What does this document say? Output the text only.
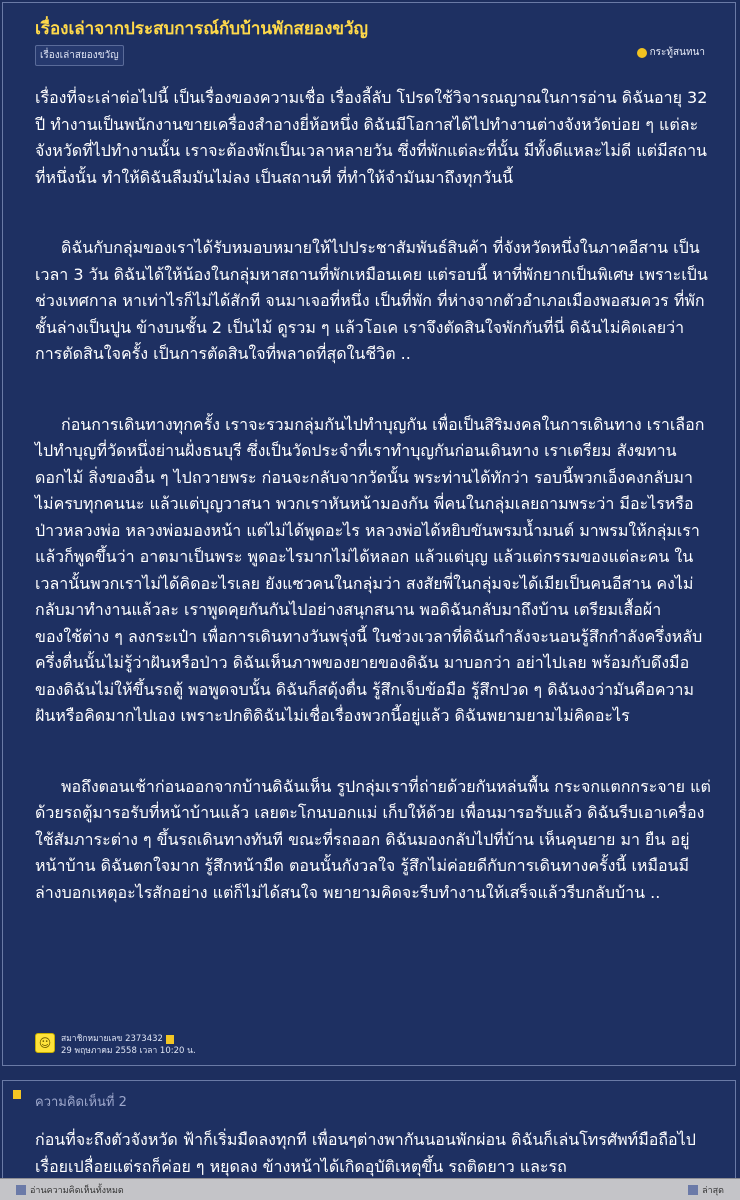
เรื่องเล่าจากประสบการณ์กับบ้านพักสยองขวัญ
เรื่องเล่าสยองขวัญ	กระทู้สนทนา

เรื่องที่จะเล่าต่อไปนี้ เป็นเรื่องของความเชื่อ เรื่องลี้ลับ โปรดใช้วิจารณญาณในการอ่าน ดิฉันอายุ 32 ปี ทำงานเป็นพนักงานขายเครื่องสำอางยี่ห้อหนึ่ง ดิฉันมีโอกาสได้ไปทำงานต่างจังหวัดบ่อย ๆ แต่ละจังหวัดที่ไปทำงานนั้น เราจะต้องพักเป็นเวลาหลายวัน ซึ่งที่พักแต่ละที่นั้น มีทั้งดีแหละไม่ดี แต่มีสถานที่หนึ่งนั้น ทำให้ดิฉันลืมมันไม่ลง เป็นสถานที่ ที่ทำให้จำมันมาถึงทุกวันนี้

ดิฉันกับกลุ่มของเราได้รับหมอบหมายให้ไปประชาสัมพันธ์สินค้า ที่จังหวัดหนึ่งในภาคอีสาน เป็นเวลา 3 วัน ดิฉันได้ให้น้องในกลุ่มหาสถานที่พักเหมือนเคย แต่รอบนี้ หาที่พักยากเป็นพิเศษ เพราะเป็นช่วงเทศกาล หาเท่าไรก็ไม่ได้สักที จนมาเจอที่หนึ่ง เป็นที่พัก ที่ห่างจากตัวอำเภอเมืองพอสมควร ที่พักชั้นล่างเป็นปูน ข้างบนชั้น 2 เป็นไม้ ดูรวม ๆ แล้วโอเค เราจึงตัดสินใจพักกันที่นี่ ดิฉันไม่คิดเลยว่า การตัดสินใจครั้ง เป็นการตัดสินใจที่พลาดที่สุดในชีวิต ..

ก่อนการเดินทางทุกครั้ง เราจะรวมกลุ่มกันไปทำบุญกัน เพื่อเป็นสิริมงคลในการเดินทาง เราเลือกไปทำบุญที่วัดหนึ่งย่านฝั่งธนบุรี ซึ่งเป็นวัดประจำที่เราทำบุญกันก่อนเดินทาง เราเตรียม สังฆทาน ดอกไม้ สิ่งของอื่น ๆ ไปถวายพระ ก่อนจะกลับจากวัดนั้น พระท่านได้ทักว่า รอบนี้พวกเอ็งคงกลับมาไม่ครบทุกคนนะ แล้วแต่บุญวาสนา พวกเราหันหน้ามองกัน พี่คนในกลุ่มเลยถามพระว่า มีอะไรหรือป่าวหลวงพ่อ หลวงพ่อมองหน้า แต่ไม่ได้พูดอะไร หลวงพ่อได้หยิบขันพรมน้ำมนต์ มาพรมให้กลุ่มเรา แล้วก็พูดขึ้นว่า อาตมาเป็นพระ พูดอะไรมากไม่ได้หลอก แล้วแต่บุญ แล้วแต่กรรมของแต่ละคน ในเวลานั้นพวกเราไม่ได้คิดอะไรเลย ยังแซวคนในกลุ่มว่า สงสัยพี่ในกลุ่มจะได้เมียเป็นคนอีสาน คงไม่กลับมาทำงานแล้วละ เราพูดคุยกันกันไปอย่างสนุกสนาน พอดิฉันกลับมาถึงบ้าน เตรียมเสื้อผ้า ของใช้ต่าง ๆ ลงกระเป๋า เพื่อการเดินทางวันพรุ่งนี้ ในช่วงเวลาที่ดิฉันกำลังจะนอนรู้สึกกำลังครึ่งหลับครึ่งตื่นนั้นไม่รู้ว่าฝันหรือป่าว ดิฉันเห็นภาพของยายของดิฉัน มาบอกว่า อย่าไปเลย พร้อมกับดึงมือของดิฉันไม่ให้ขึ้นรถตู้ พอพูดจบนั้น ดิฉันก็สดุ้งตื่น รู้สึกเจ็บข้อมือ รู้สึกปวด ๆ ดิฉันงงว่ามันคือความฝันหรือคิดมากไปเอง เพราะปกติดิฉันไม่เชื่อเรื่องพวกนี้อยู่แล้ว ดิฉันพยามยามไม่คิดอะไร

พอถึงตอนเช้าก่อนออกจากบ้านดิฉันเห็น รูปกลุ่มเราที่ถ่ายด้วยกันหล่นพื้น กระจกแตกกระจาย แต่ด้วยรถตู้มารอรับที่หน้าบ้านแล้ว เลยตะโกนบอกแม่ เก็บให้ด้วย เพื่อนมารอรับแล้ว ดิฉันรีบเอาเครื่อง ใช้สัมภาระต่าง ๆ ขึ้นรถเดินทางทันที ขณะที่รถออก ดิฉันมองกลับไปที่บ้าน เห็นคุนยาย มา ยืน อยู่หน้าบ้าน ดิฉันตกใจมาก รู้สึกหน้ามืด ตอนนั้นกังวลใจ รู้สึกไม่ค่อยดีกับการเดินทางครั้งนี้ เหมือนมีล่างบอกเหตุอะไรสักอย่าง แต่ก็ไม่ได้สนใจ พยายามคิดจะรีบทำงานให้เสร็จแล้วรีบกลับบ้าน ..

☺	สมาชิกหมายเลข 2373432
29 พฤษภาคม 2558 เวลา 10:20 น.
ความคิดเห็นที่ 2
ก่อนที่จะถึงตัวจังหวัด ฟ้าก็เริ่มมืดลงทุกที เพื่อนๆต่างพากันนอนพักผ่อน ดิฉันก็เล่นโทรศัพท์มือถือไปเรื่อยเปลื่อยแต่รถก็ค่อย ๆ หยุดลง ข้างหน้าได้เกิดอุบัติเหตุขึ้น รถติดยาว และรถ
อ่านความคิดเห็นทั้งหมด	ล่าสุด
